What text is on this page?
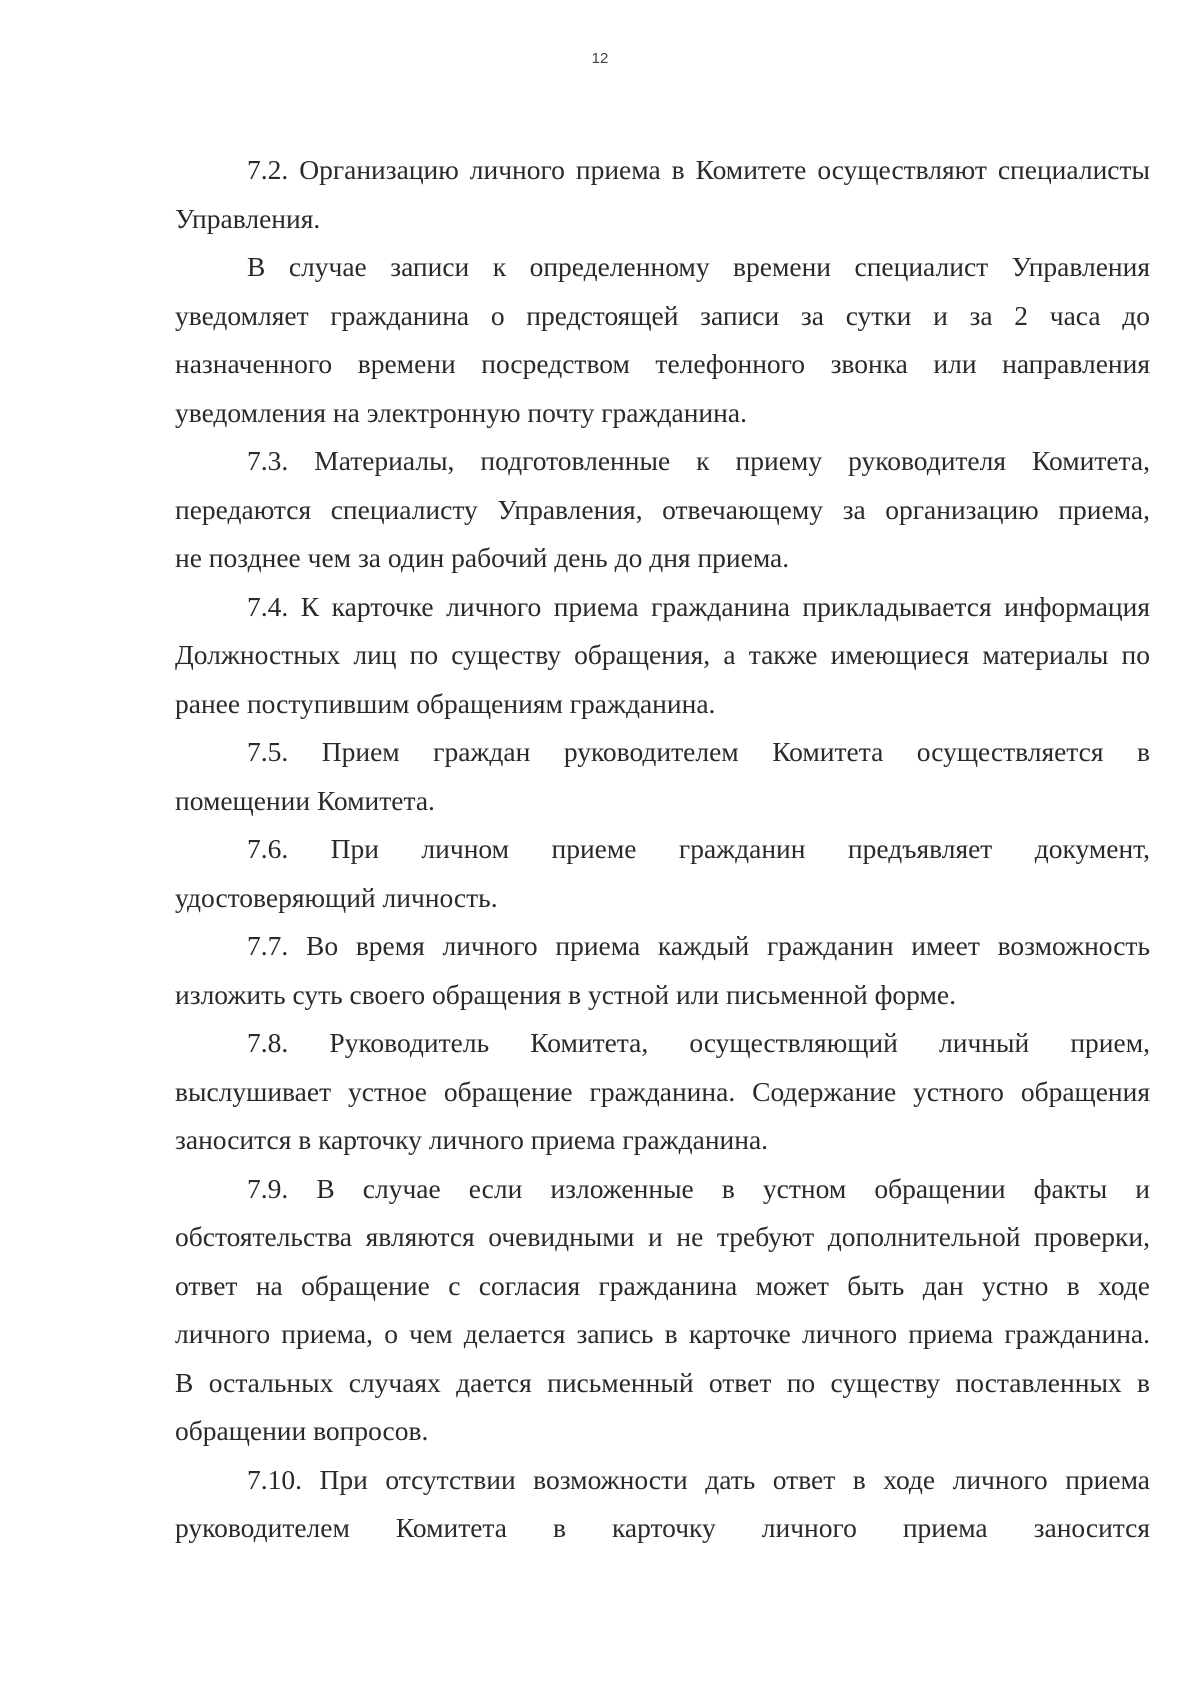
12
7.2. Организацию личного приема в Комитете осуществляют специалисты
Управления.
В случае записи к определенному времени специалист Управления
уведомляет гражданина о предстоящей записи за сутки и за 2 часа до
назначенного времени посредством телефонного звонка или направления
уведомления на электронную почту гражданина.
7.3. Материалы, подготовленные к приему руководителя Комитета,
передаются специалисту Управления, отвечающему за организацию приема,
не позднее чем за один рабочий день до дня приема.
7.4. К карточке личного приема гражданина прикладывается информация
Должностных лиц по существу обращения, а также имеющиеся материалы по
ранее поступившим обращениям гражданина.
7.5. Прием граждан руководителем Комитета осуществляется в
помещении Комитета.
7.6. При личном приеме гражданин предъявляет документ,
удостоверяющий личность.
7.7. Во время личного приема каждый гражданин имеет возможность
изложить суть своего обращения в устной или письменной форме.
7.8. Руководитель Комитета, осуществляющий личный прием,
выслушивает устное обращение гражданина. Содержание устного обращения
заносится в карточку личного приема гражданина.
7.9. В случае если изложенные в устном обращении факты и
обстоятельства являются очевидными и не требуют дополнительной проверки,
ответ на обращение с согласия гражданина может быть дан устно в ходе
личного приема, о чем делается запись в карточке личного приема гражданина.
В остальных случаях дается письменный ответ по существу поставленных в
обращении вопросов.
7.10. При отсутствии возможности дать ответ в ходе личного приема
руководителем Комитета в карточку личного приема заносится
